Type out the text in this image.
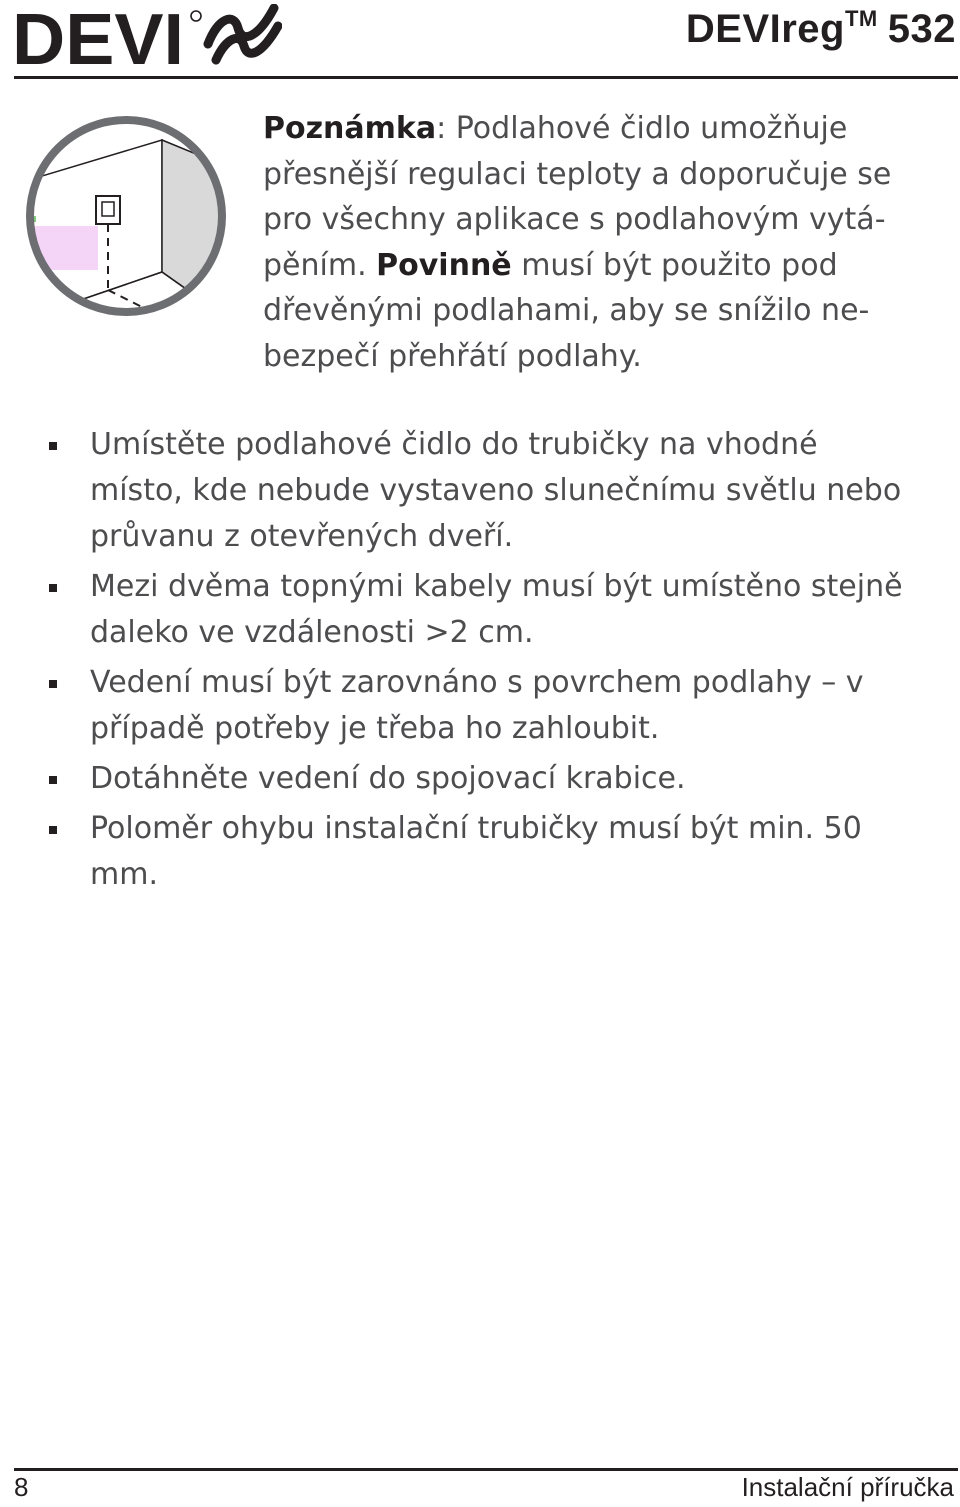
DEVI	DEVIreg™ 532
Poznámka: Podlahové čidlo umožňuje
přesnější regulaci teploty a doporučuje se
pro všechny aplikace s podlahovým vytá-
pěním. Povinně musí být použito pod
dřevěnými podlahami, aby se snížilo ne-
bezpečí přehřátí podlahy.
Umístěte podlahové čidlo do trubičky na vhodné
místo, kde nebude vystaveno slunečnímu světlu nebo
průvanu z otevřených dveří.
Mezi dvěma topnými kabely musí být umístěno stejně
daleko ve vzdálenosti >2 cm.
Vedení musí být zarovnáno s povrchem podlahy – v
případě potřeby je třeba ho zahloubit.
Dotáhněte vedení do spojovací krabice.
Poloměr ohybu instalační trubičky musí být min. 50
mm.
8	Instalační příručka
